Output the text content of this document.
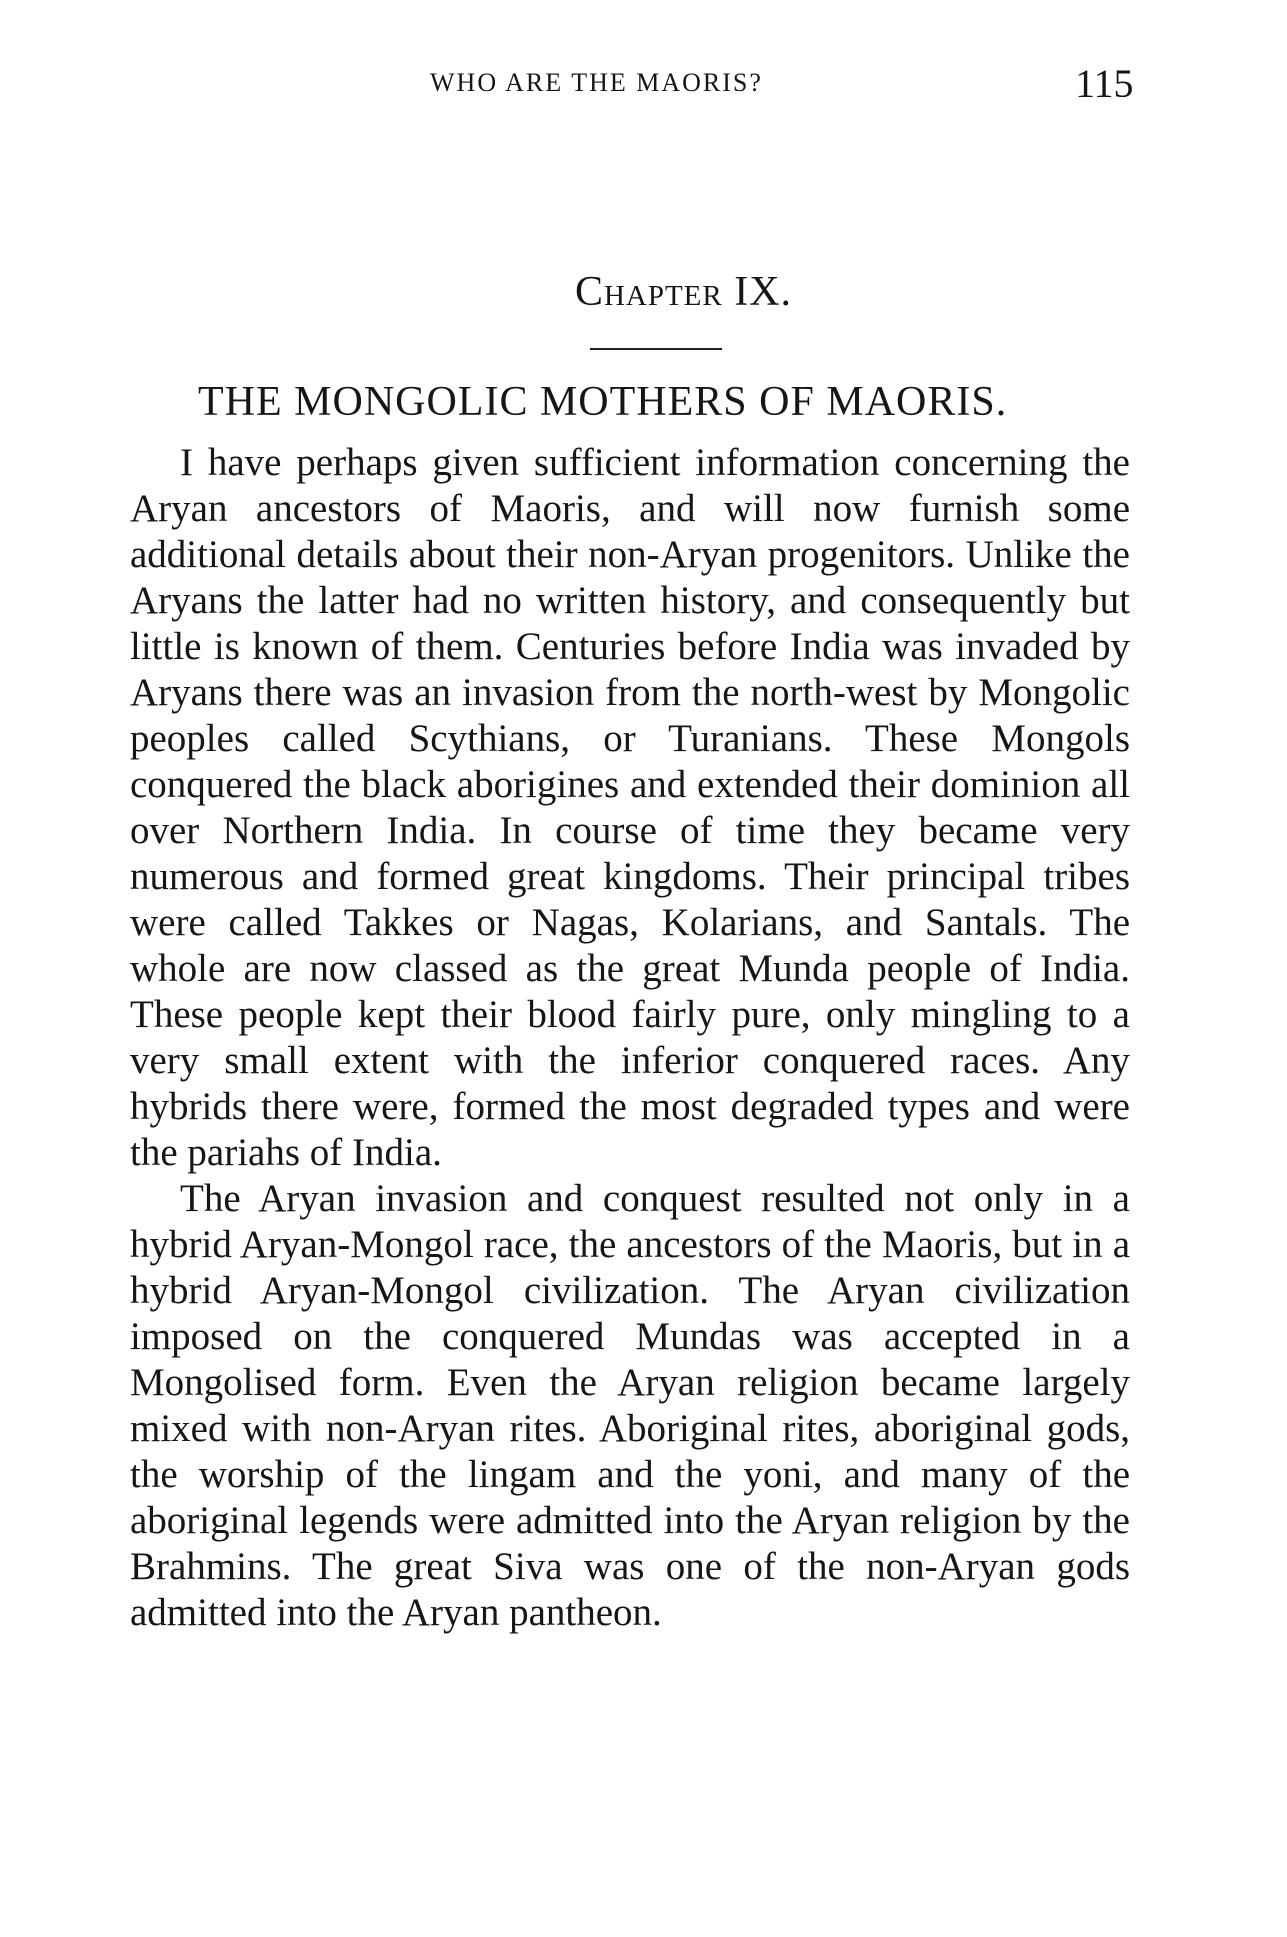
WHO ARE THE MAORIS?	115
Chapter IX.
THE MONGOLIC MOTHERS OF MAORIS.

I have perhaps given sufficient information concerning the Aryan ancestors of Maoris, and will now furnish some additional details about their non-Aryan progenitors. Unlike the Aryans the latter had no written history, and consequently but little is known of them. Centuries before India was invaded by Aryans there was an invasion from the north-west by Mongolic peoples called Scythians, or Turanians. These Mongols conquered the black aborigines and extended their dominion all over Northern India. In course of time they became very numerous and formed great kingdoms. Their principal tribes were called Takkes or Nagas, Kolarians, and Santals. The whole are now classed as the great Munda people of India. These people kept their blood fairly pure, only mingling to a very small extent with the inferior conquered races. Any hybrids there were, formed the most degraded types and were the pariahs of India.

The Aryan invasion and conquest resulted not only in a hybrid Aryan-Mongol race, the ancestors of the Maoris, but in a hybrid Aryan-Mongol civilization. The Aryan civilization imposed on the conquered Mundas was accepted in a Mongolised form. Even the Aryan religion became largely mixed with non-Aryan rites. Aboriginal rites, aboriginal gods, the worship of the lingam and the yoni, and many of the aboriginal legends were admitted into the Aryan religion by the Brahmins. The great Siva was one of the non-Aryan gods admitted into the Aryan pantheon.
